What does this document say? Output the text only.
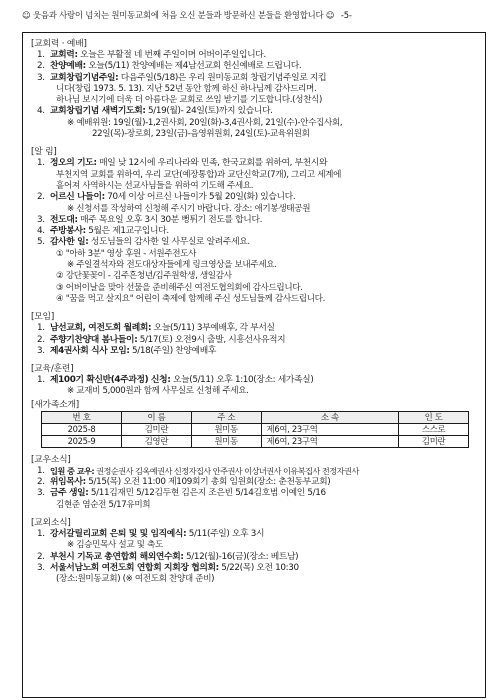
☺ 웃음과 사랑이 넘치는 원미동교회에 처음 오신 분들과 방문하신 분들을 환영합니다 ☺ -5-
[교회력 · 예배]
1. 교회력: 오늘은 부활절 네 번째 주일이며 어버이주일입니다.
2. 찬양예배: 오늘(5/11) 찬양예배는 제4남선교회 헌신예배로 드립니다.
3. 교회창립기념주일: 다음주일(5/18)은 우리 원미동교회 창립기념주일로 지킵
니다(창립 1973. 5. 13). 지난 52년 동안 함께 하신 하나님께 감사드리며.
하나님 보시기에 더욱 더 아름다운 교회로 쓰임 받기를 기도합니다.(성찬식)
4. 교회창립기념 새벽기도회: 5/19(월)- 24일(토)까지 있습니다.
※ 예배위원: 19일(월)-1,2권사회, 20일(화)-3,4권사회, 21일(수)-안수집사회,
22일(목)-장로회, 23일(금)-음영위원회, 24일(토)-교육위원회
[알 림]
1. 정오의 기도: 매일 낮 12시에 우리나라와 민족, 한국교회를 위하여, 부천시와
부천지역 교회를 위하여, 우리 교단(예장통합)과 교단신학교(7개), 그리고 세계에
흩어져 사역하시는 선교사님들을 위하여 기도해 주세요.
2. 어르신 나들이: 70세 이상 어르신 나들이가 5월 20일(화) 있습니다.
※ 신청서를 작성하여 신청해 주시기 바랍니다. 장소: 애기봉생태공원
3. 전도대: 매주 목요일 오후 3시 30분 뻥튀기 전도를 합니다.
4. 주방봉사: 5월은 제1교구입니다.
5. 감사한 일: 성도님들의 감사한 일 사무실로 알려주세요.
① "아하 3분" 영상 후원 - 서원주전도사
※ 주일결석자와 전도대상자들에게 링크영상을 보내주세요.
② 강단꽃꽂이 - 김주흔청년/김주원학생, 생일감사
③ 어버이날을 맞아 선물을 준비해주신 여전도협의회에 감사드립니다.
④ "꿈을 먹고 살지요" 어린이 축제에 함께해 주신 성도님들께 감사드립니다.
[모임]
1. 남선교회, 여전도회 월례회: 오늘(5/11) 3부예배후, 각 부서실
2. 주향기찬양대 봄나들이: 5/17(토) 오전9시 출발, 시흥선사유적지
3. 제4권사회 식사 모임: 5/18(주일) 찬양예배후
[교육/훈련]
1. 제100기 확신반(4주과정) 신청: 오늘(5/11) 오후 1:10(장소: 세가족실)
※ 교재비 5,000원과 함께 사무실로 신청해 주세요.
[새가족소개]
번 호	이 름	주 소	소 속	인 도
2025-8	김미란	원미동	제6여, 23구역	스스로
2025-9	김영란	원미동	제6여, 23구역	김미란
[교우소식]
1. 입원 중 교우: 권정순권사 김옥예권사 신정자집사 안주권사 이상녀권사 이유복집사 전정자권사
2. 위임목사: 5/15(목) 오전 11:00 제109회기 총회 임원회(장소: 춘천동부교회)
3. 금주 생일: 5/11김재민 5/12김두현 김은지 조은빈 5/14김호범 이예인 5/16
김현준 염순전 5/17유미희
[교외소식]
1. 강서갈릴리교회 은퇴 및 및 임직예식: 5/11(주일) 오후 3시
※ 김승민목사 설교 및 축도
2. 부천시 기독교 총연합회 해외연수회: 5/12(월)-16(금)(장소: 베트남)
3. 서울서남노회 여전도회 연합회 지회장 협의회: 5/22(목) 오전 10:30
(장소:원미동교회) (※ 여전도회 찬양대 준비)
